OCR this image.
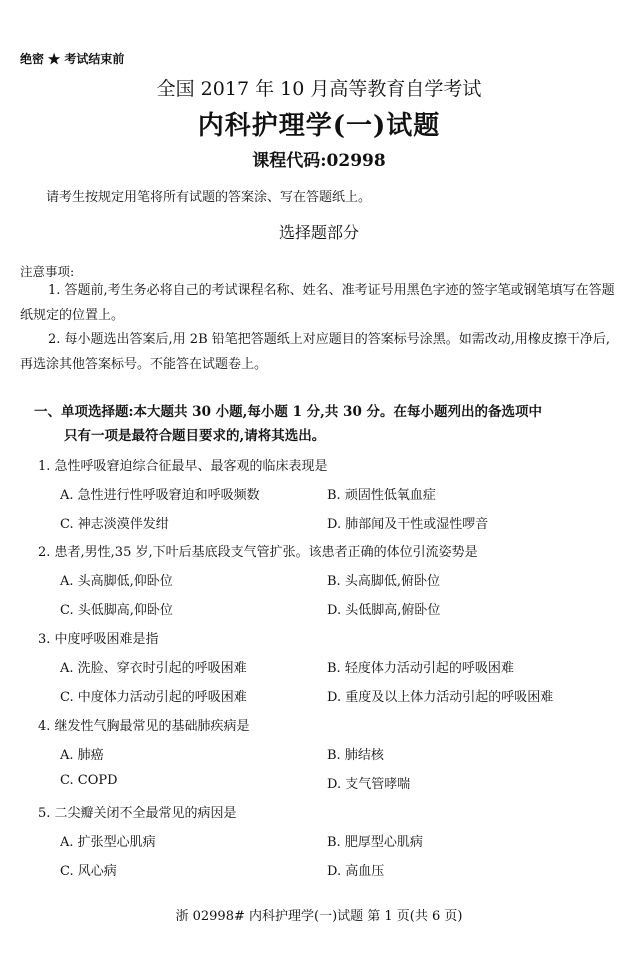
绝密 ★ 考试结束前
全国 2017 年 10 月高等教育自学考试
内科护理学(一)试题
课程代码:02998
请考生按规定用笔将所有试题的答案涂、写在答题纸上。
选择题部分
注意事项:
1. 答题前,考生务必将自己的考试课程名称、姓名、准考证号用黑色字迹的签字笔或钢笔填写在答题纸规定的位置上。
2. 每小题选出答案后,用 2B 铅笔把答题纸上对应题目的答案标号涂黑。如需改动,用橡皮擦干净后,再选涂其他答案标号。不能答在试题卷上。
一、单项选择题:本大题共 30 小题,每小题 1 分,共 30 分。在每小题列出的备选项中
只有一项是最符合题目要求的,请将其选出。
1. 急性呼吸窘迫综合征最早、最客观的临床表现是
A. 急性进行性呼吸窘迫和呼吸频数	B. 顽固性低氧血症
C. 神志淡漠伴发绀	D. 肺部闻及干性或湿性啰音
2. 患者,男性,35 岁,下叶后基底段支气管扩张。该患者正确的体位引流姿势是
A. 头高脚低,仰卧位	B. 头高脚低,俯卧位
C. 头低脚高,仰卧位	D. 头低脚高,俯卧位
3. 中度呼吸困难是指
A. 洗脸、穿衣时引起的呼吸困难	B. 轻度体力活动引起的呼吸困难
C. 中度体力活动引起的呼吸困难	D. 重度及以上体力活动引起的呼吸困难
4. 继发性气胸最常见的基础肺疾病是
A. 肺癌	B. 肺结核
C. COPD	D. 支气管哮喘
5. 二尖瓣关闭不全最常见的病因是
A. 扩张型心肌病	B. 肥厚型心肌病
C. 风心病	D. 高血压
浙 02998# 内科护理学(一)试题 第 1 页(共 6 页)
